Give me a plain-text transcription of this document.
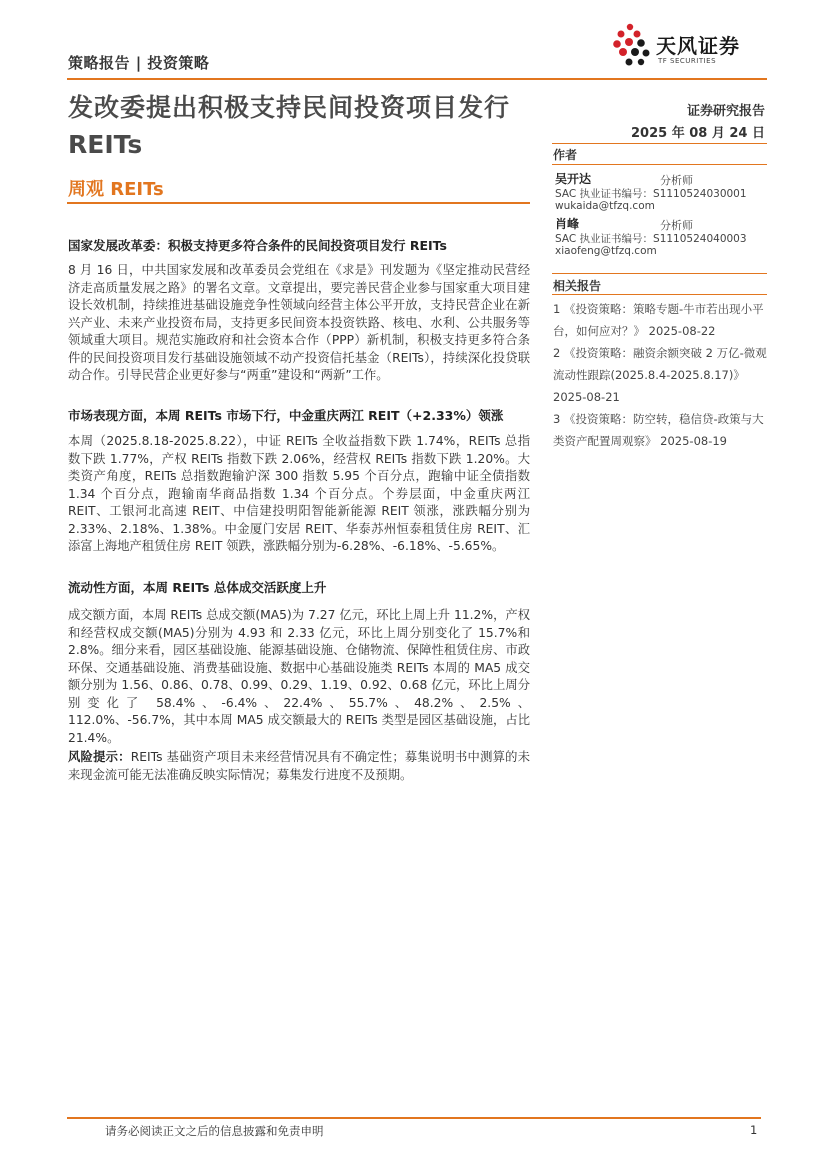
策略报告 | 投资策略
天风证券
TF SECURITIES
发改委提出积极支持民间投资项目发行
REITs
周观 REITs
证券研究报告
2025 年 08 月 24 日
作者
吴开达	分析师
SAC 执业证书编号：S1110524030001
wukaida@tfzq.com
肖峰	分析师
SAC 执业证书编号：S1110524040003
xiaofeng@tfzq.com
相关报告

1 《投资策略：策略专题-牛市若出现小平台，如何应对？》 2025-08-22

2 《投资策略：融资余额突破 2 万亿-微观流动性跟踪(2025.8.4-2025.8.17)》 2025-08-21

3 《投资策略：防空转，稳信贷-政策与大类资产配置周观察》 2025-08-19

国家发展改革委：积极支持更多符合条件的民间投资项目发行 REITs
8 月 16 日，中共国家发展和改革委员会党组在《求是》刊发题为《坚定推动民营经济走高质量发展之路》的署名文章。文章提出，要完善民营企业参与国家重大项目建设长效机制，持续推进基础设施竞争性领域向经营主体公平开放，支持民营企业在新兴产业、未来产业投资布局，支持更多民间资本投资铁路、核电、水利、公共服务等领域重大项目。规范实施政府和社会资本合作（PPP）新机制，积极支持更多符合条件的民间投资项目发行基础设施领域不动产投资信托基金（REITs），持续深化投贷联动合作。引导民营企业更好参与“两重”建设和“两新”工作。
市场表现方面，本周 REITs 市场下行，中金重庆两江 REIT（+2.33%）领涨
本周（2025.8.18-2025.8.22），中证 REITs 全收益指数下跌 1.74%，REITs 总指数下跌 1.77%，产权 REITs 指数下跌 2.06%，经营权 REITs 指数下跌 1.20%。大类资产角度，REITs 总指数跑输沪深 300 指数 5.95 个百分点，跑输中证全债指数 1.34 个百分点，跑输南华商品指数 1.34 个百分点。个券层面，中金重庆两江 REIT、工银河北高速 REIT、中信建投明阳智能新能源 REIT 领涨，涨跌幅分别为 2.33%、2.18%、1.38%。中金厦门安居 REIT、华泰苏州恒泰租赁住房 REIT、汇添富上海地产租赁住房 REIT 领跌，涨跌幅分别为-6.28%、-6.18%、-5.65%。
流动性方面，本周 REITs 总体成交活跃度上升
成交额方面，本周 REITs 总成交额(MA5)为 7.27 亿元，环比上周上升 11.2%，产权和经营权成交额(MA5)分别为 4.93 和 2.33 亿元，环比上周分别变化了 15.7%和 2.8%。细分来看，园区基础设施、能源基础设施、仓储物流、保障性租赁住房、市政环保、交通基础设施、消费基础设施、数据中心基础设施类 REITs 本周的 MA5 成交额分别为 1.56、0.86、0.78、0.99、0.29、1.19、0.92、0.68 亿元，环比上周分别变化了 58.4%、-6.4%、22.4%、55.7%、48.2%、2.5%、112.0%、-56.7%，其中本周 MA5 成交额最大的 REITs 类型是园区基础设施，占比 21.4%。
风险提示：REITs 基础资产项目未来经营情况具有不确定性；募集说明书中测算的未来现金流可能无法准确反映实际情况；募集发行进度不及预期。
请务必阅读正文之后的信息披露和免责申明	1
